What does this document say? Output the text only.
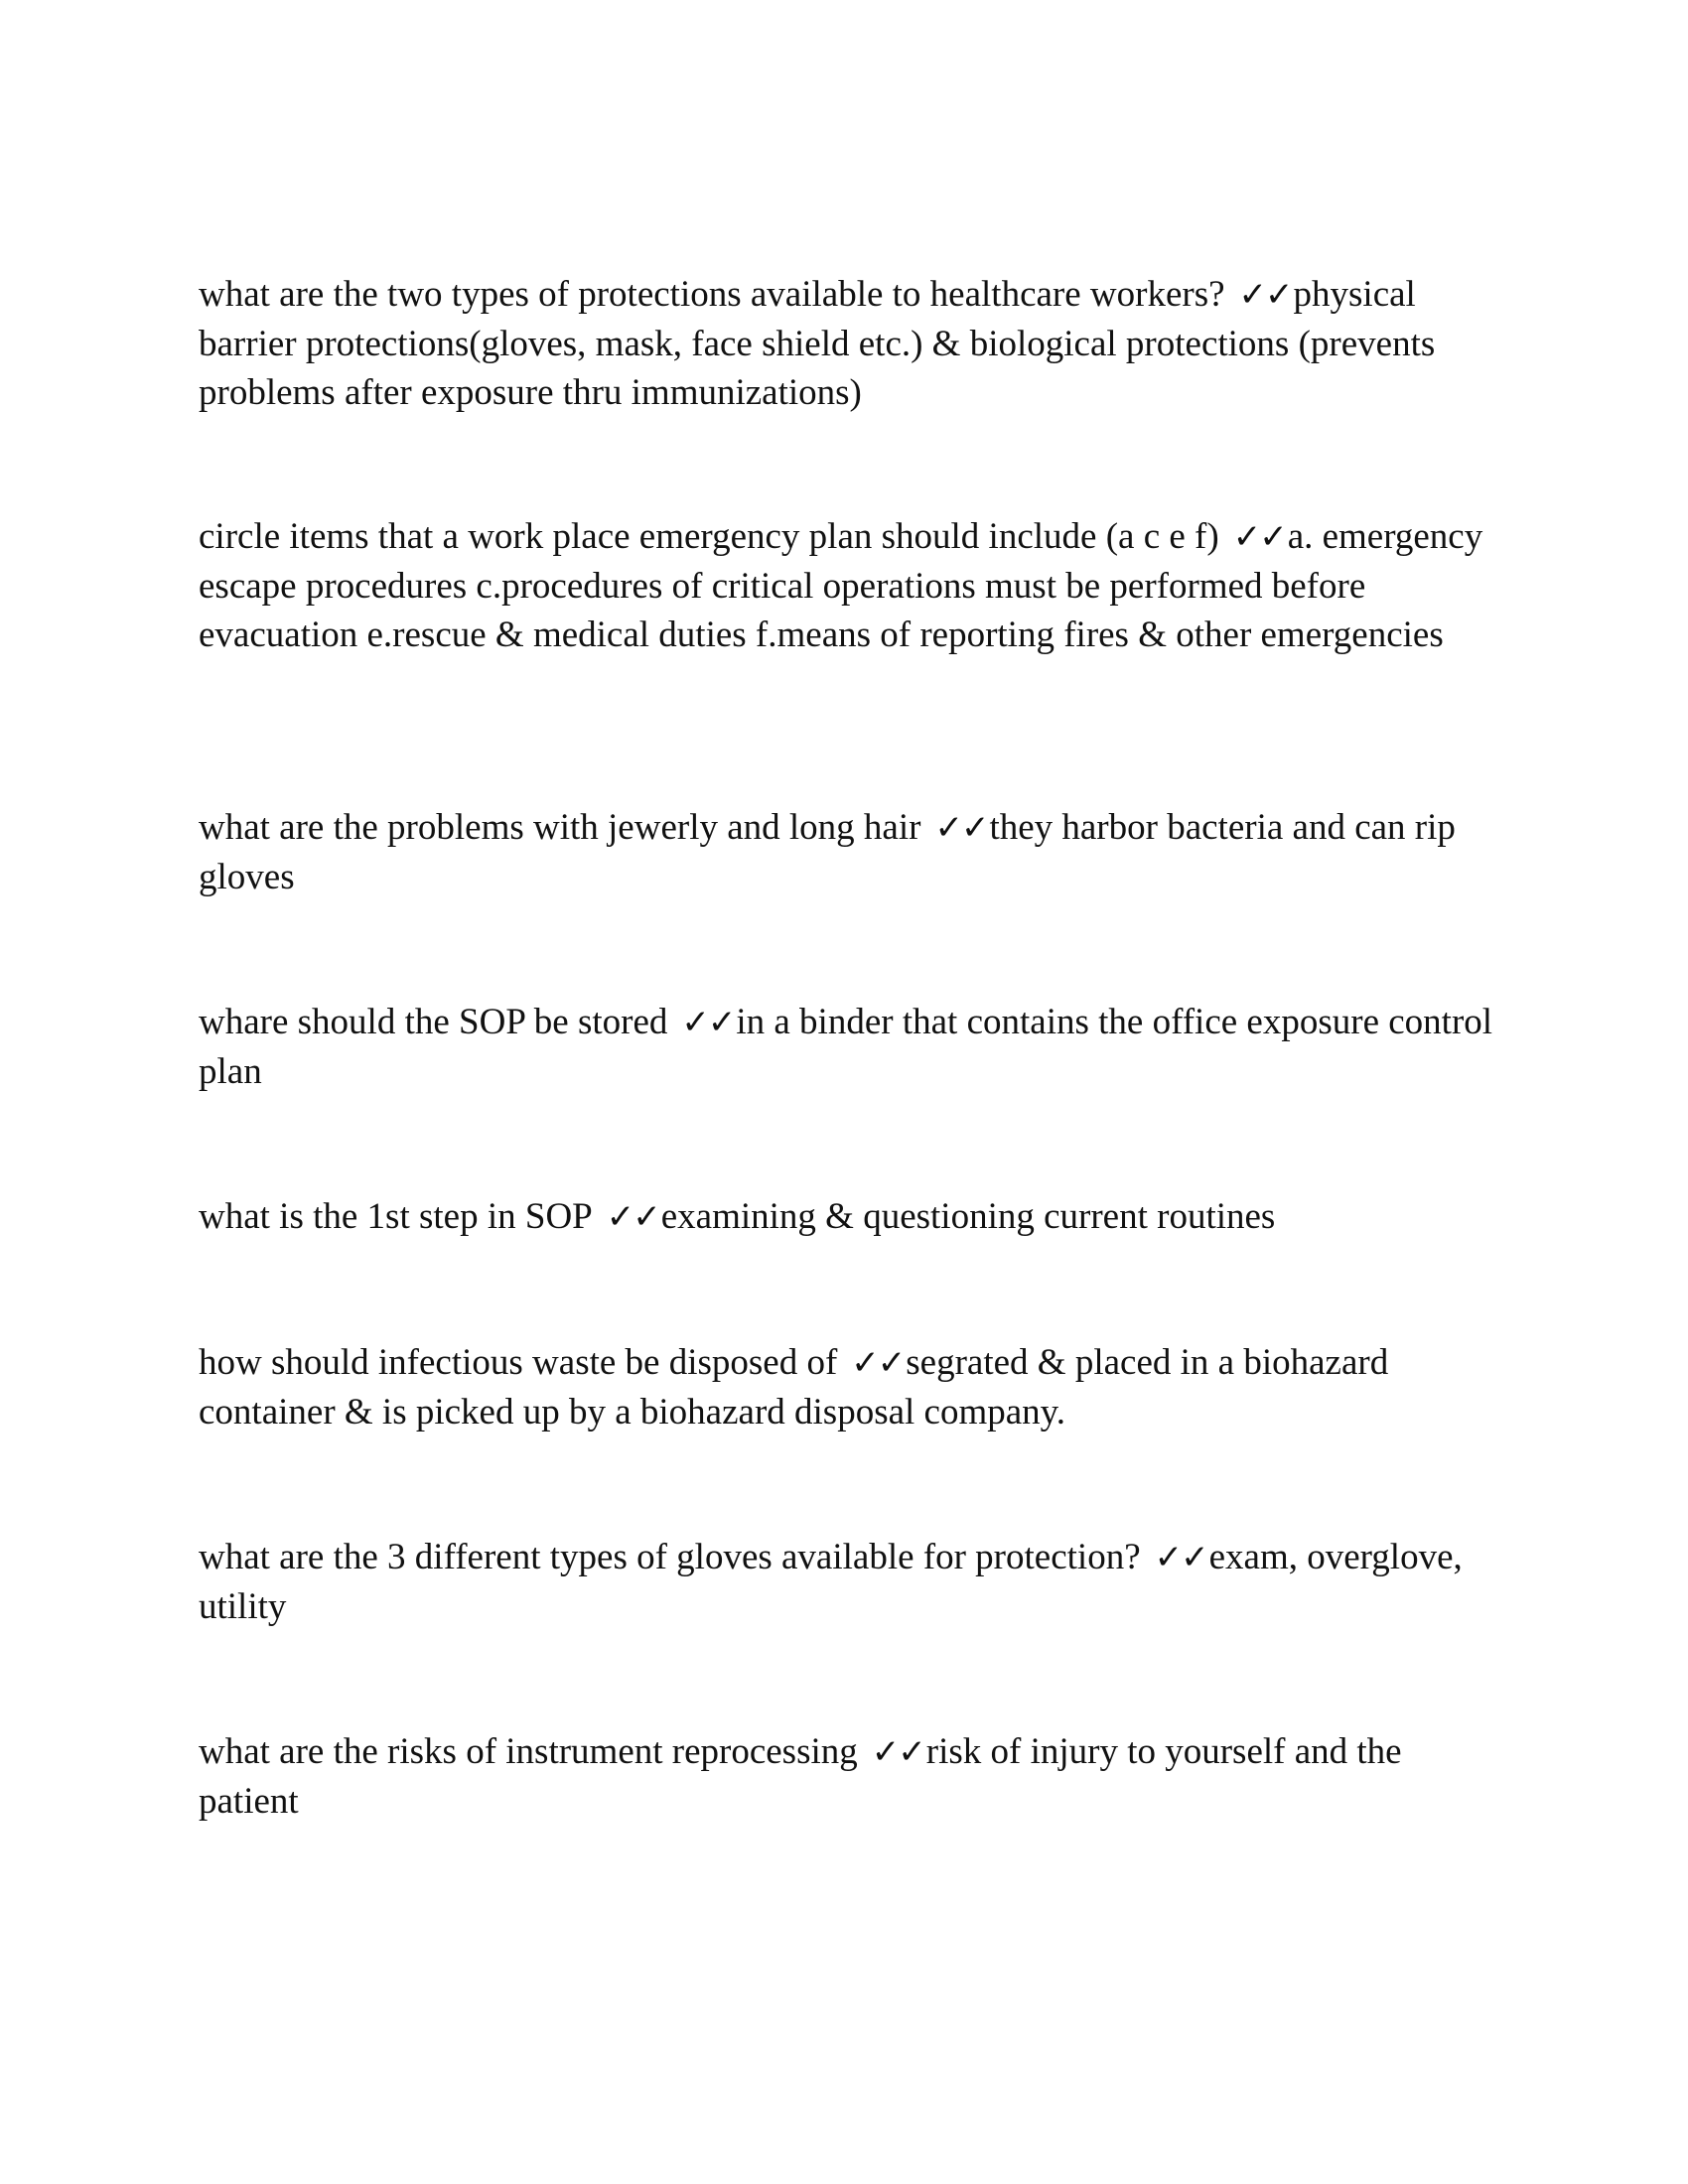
what are the two types of protections available to healthcare workers? ✓✓physical barrier protections(gloves, mask, face shield etc.) & biological protections (prevents problems after exposure thru immunizations)

circle items that a work place emergency plan should include (a c e f) ✓✓a. emergency escape procedures c.procedures of critical operations must be performed before evacuation e.rescue & medical duties f.means of reporting fires & other emergencies

what are the problems with jewerly and long hair ✓✓they harbor bacteria and can rip gloves

whare should the SOP be stored ✓✓in a binder that contains the office exposure control plan

what is the 1st step in SOP ✓✓examining & questioning current routines

how should infectious waste be disposed of ✓✓segrated & placed in a biohazard container & is picked up by a biohazard disposal company.

what are the 3 different types of gloves available for protection? ✓✓exam, overglove, utility

what are the risks of instrument reprocessing ✓✓risk of injury to yourself and the patient
